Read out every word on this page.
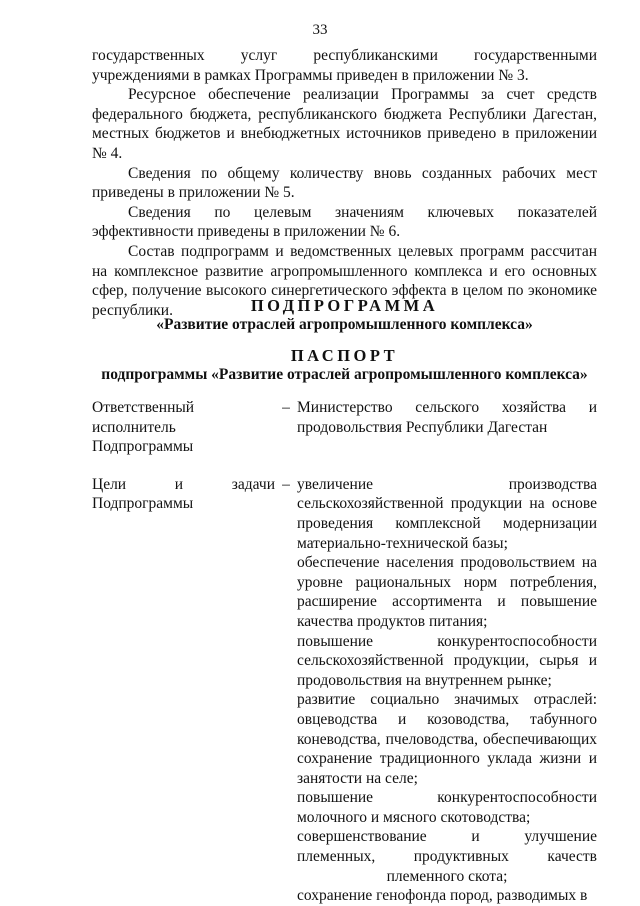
33

государственных услуг республиканскими государственными учреждениями в рамках Программы приведен в приложении № 3.

Ресурсное обеспечение реализации Программы за счет средств федерального бюджета, республиканского бюджета Республики Дагестан, местных бюджетов и внебюджетных источников приведено в приложении № 4.

Сведения по общему количеству вновь созданных рабочих мест приведены в приложении № 5.

Сведения по целевым значениям ключевых показателей эффективности приведены в приложении № 6.

Состав подпрограмм и ведомственных целевых программ рассчитан на комплексное развитие агропромышленного комплекса и его основных сфер, получение высокого синергетического эффекта в целом по экономике республики.	ПОДПРОГРАММА
«Развитие отраслей агропромышленного комплекса»
ПАСПОРТ
подпрограммы «Развитие отраслей агропромышленного комплекса»
Ответственный исполнитель Подпрограммы
– Министерство сельского хозяйства и продовольствия Республики Дагестан

Цели и задачи Подпрограммы
– увеличение производства сельскохозяйственной продукции на основе проведения комплексной модернизации материально-технической базы;

обеспечение населения продовольствием на уровне рациональных норм потребления, расширение ассортимента и повышение качества продуктов питания;

повышение конкурентоспособности сельскохозяйственной продукции, сырья и продовольствия на внутреннем рынке;

развитие социально значимых отраслей: овцеводства и козоводства, табунного коневодства, пчеловодства, обеспечивающих сохранение традиционного уклада жизни и занятости на селе;

повышение конкурентоспособности молочного и мясного скотоводства;

совершенствование и улучшение племенных, продуктивных качеств племенного скота;

сохранение генофонда пород, разводимых в
